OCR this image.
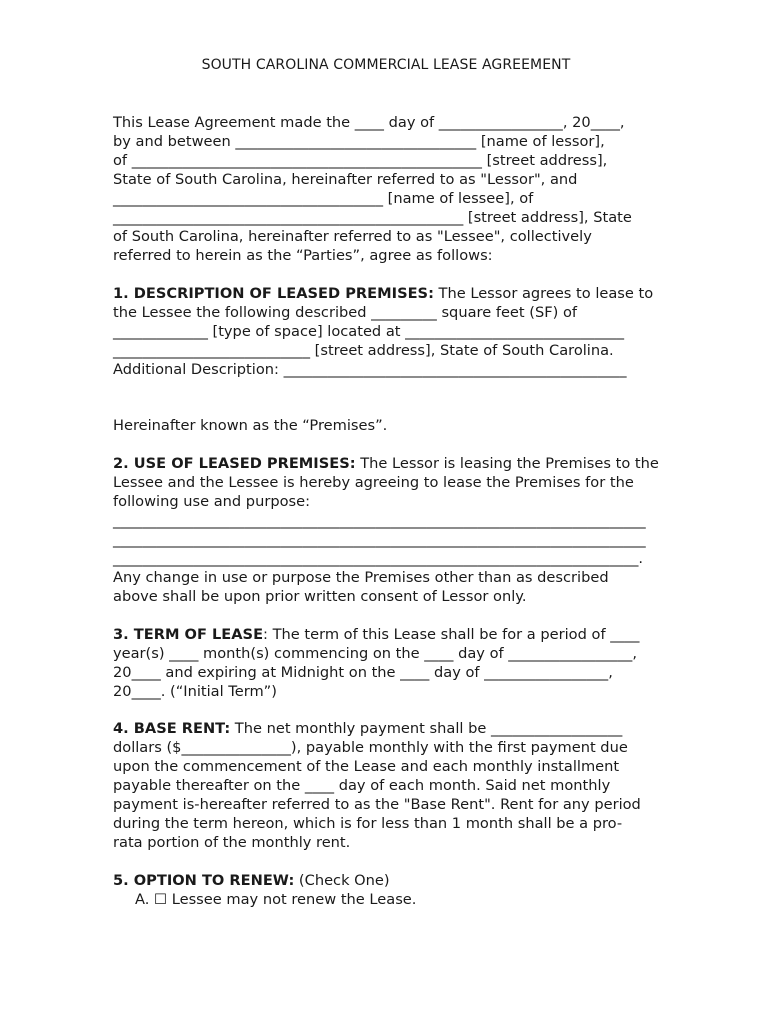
SOUTH CAROLINA COMMERCIAL LEASE AGREEMENT
This Lease Agreement made the ____ day of _________________, 20____,
by and between _________________________________ [name of lessor],
of ________________________________________________ [street address],
State of South Carolina, hereinafter referred to as "Lessor", and
_____________________________________ [name of lessee], of
________________________________________________ [street address], State
of South Carolina, hereinafter referred to as "Lessee", collectively
referred to herein as the “Parties”, agree as follows:
1. DESCRIPTION OF LEASED PREMISES: The Lessor agrees to lease to
the Lessee the following described _________ square feet (SF) of
_____________ [type of space] located at ______________________________
___________________________ [street address], State of South Carolina.
Additional Description: _______________________________________________
Hereinafter known as the “Premises”.
2. USE OF LEASED PREMISES: The Lessor is leasing the Premises to the
Lessee and the Lessee is hereby agreeing to lease the Premises for the
following use and purpose:
_________________________________________________________________________
_________________________________________________________________________
________________________________________________________________________.
Any change in use or purpose the Premises other than as described
above shall be upon prior written consent of Lessor only.
3. TERM OF LEASE: The term of this Lease shall be for a period of ____
year(s) ____ month(s) commencing on the ____ day of _________________,
20____ and expiring at Midnight on the ____ day of _________________,
20____. (“Initial Term”)
4. BASE RENT: The net monthly payment shall be __________________
dollars ($_______________), payable monthly with the first payment due
upon the commencement of the Lease and each monthly installment
payable thereafter on the ____ day of each month. Said net monthly
payment is-hereafter referred to as the "Base Rent". Rent for any period
during the term hereon, which is for less than 1 month shall be a pro-
rata portion of the monthly rent.
5. OPTION TO RENEW: (Check One)
A. ☐ Lessee may not renew the Lease.
